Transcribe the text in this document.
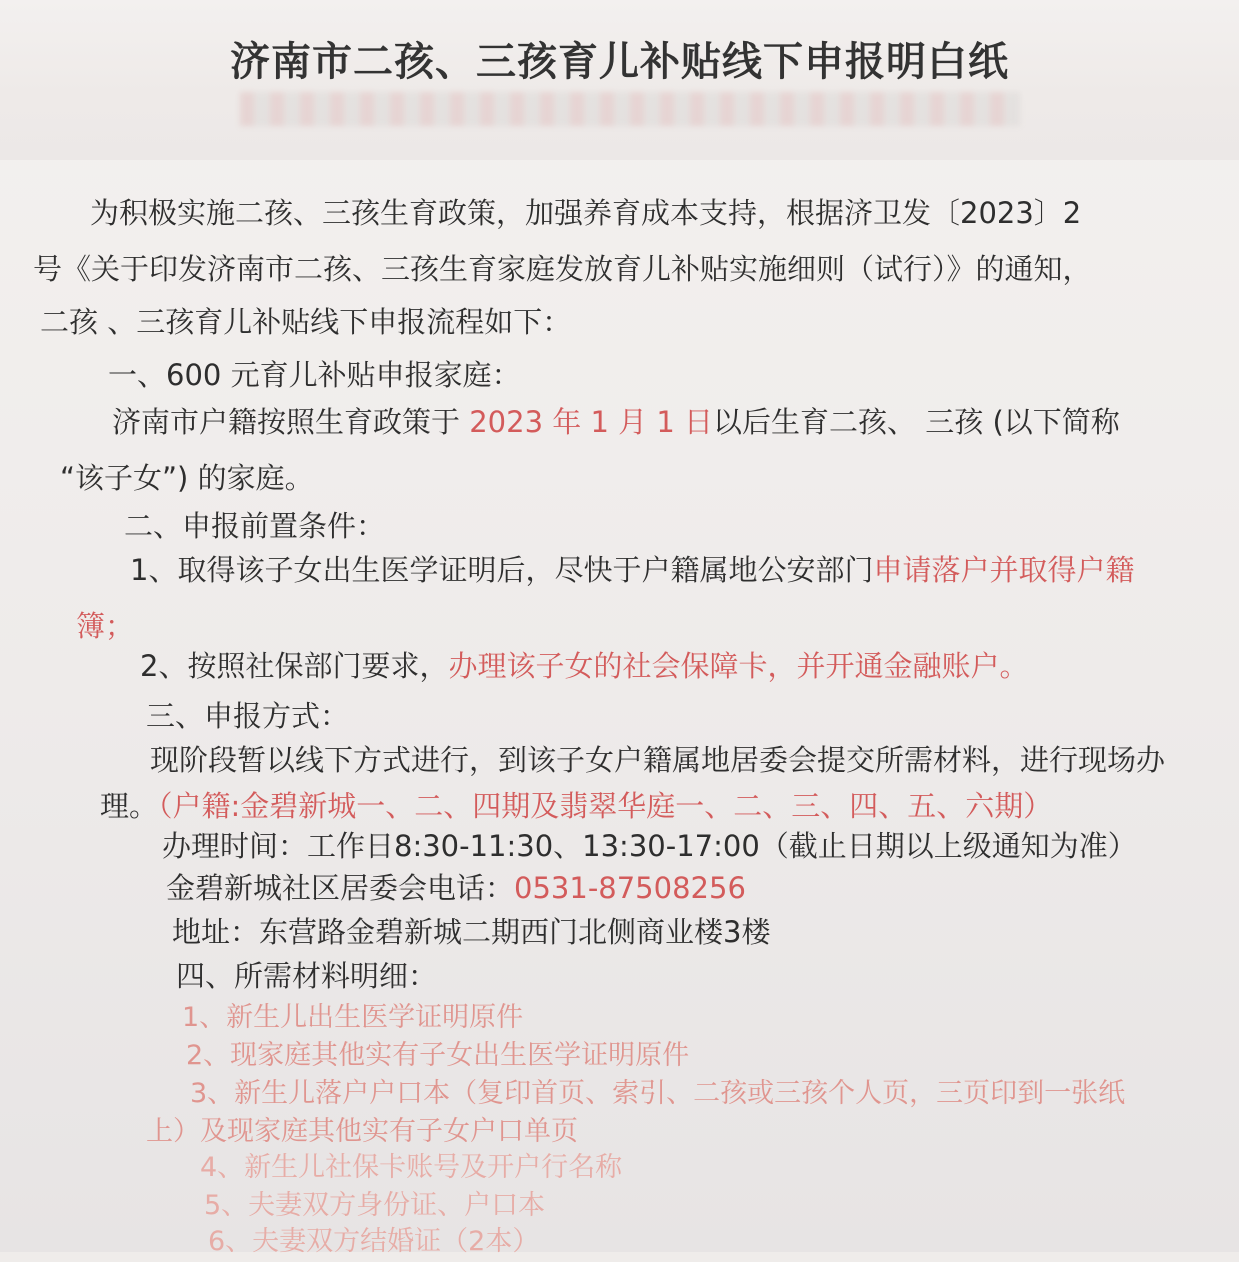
济南市二孩、三孩育儿补贴线下申报明白纸
为积极实施二孩、三孩生育政策，加强养育成本支持，根据济卫发〔2023〕2
号《关于印发济南市二孩、三孩生育家庭发放育儿补贴实施细则（试行）》的通知，
二孩 、三孩育儿补贴线下申报流程如下：
一、600 元育儿补贴申报家庭：
济南市户籍按照生育政策于 2023 年 1 月 1 日以后生育二孩、 三孩 (以下简称
“该子女”) 的家庭。
二、申报前置条件：
1、取得该子女出生医学证明后，尽快于户籍属地公安部门申请落户并取得户籍
簿；
2、按照社保部门要求，办理该子女的社会保障卡，并开通金融账户。
三、申报方式：
现阶段暂以线下方式进行，到该子女户籍属地居委会提交所需材料，进行现场办
理。（户籍:金碧新城一、二、四期及翡翠华庭一、二、三、四、五、六期）
办理时间：工作日8:30-11:30、13:30-17:00（截止日期以上级通知为准）
金碧新城社区居委会电话：0531-87508256
地址：东营路金碧新城二期西门北侧商业楼3楼
四、所需材料明细：
1、新生儿出生医学证明原件
2、现家庭其他实有子女出生医学证明原件
3、新生儿落户户口本（复印首页、索引、二孩或三孩个人页，三页印到一张纸
上）及现家庭其他实有子女户口单页
4、新生儿社保卡账号及开户行名称
5、夫妻双方身份证、户口本
6、夫妻双方结婚证（2本）
